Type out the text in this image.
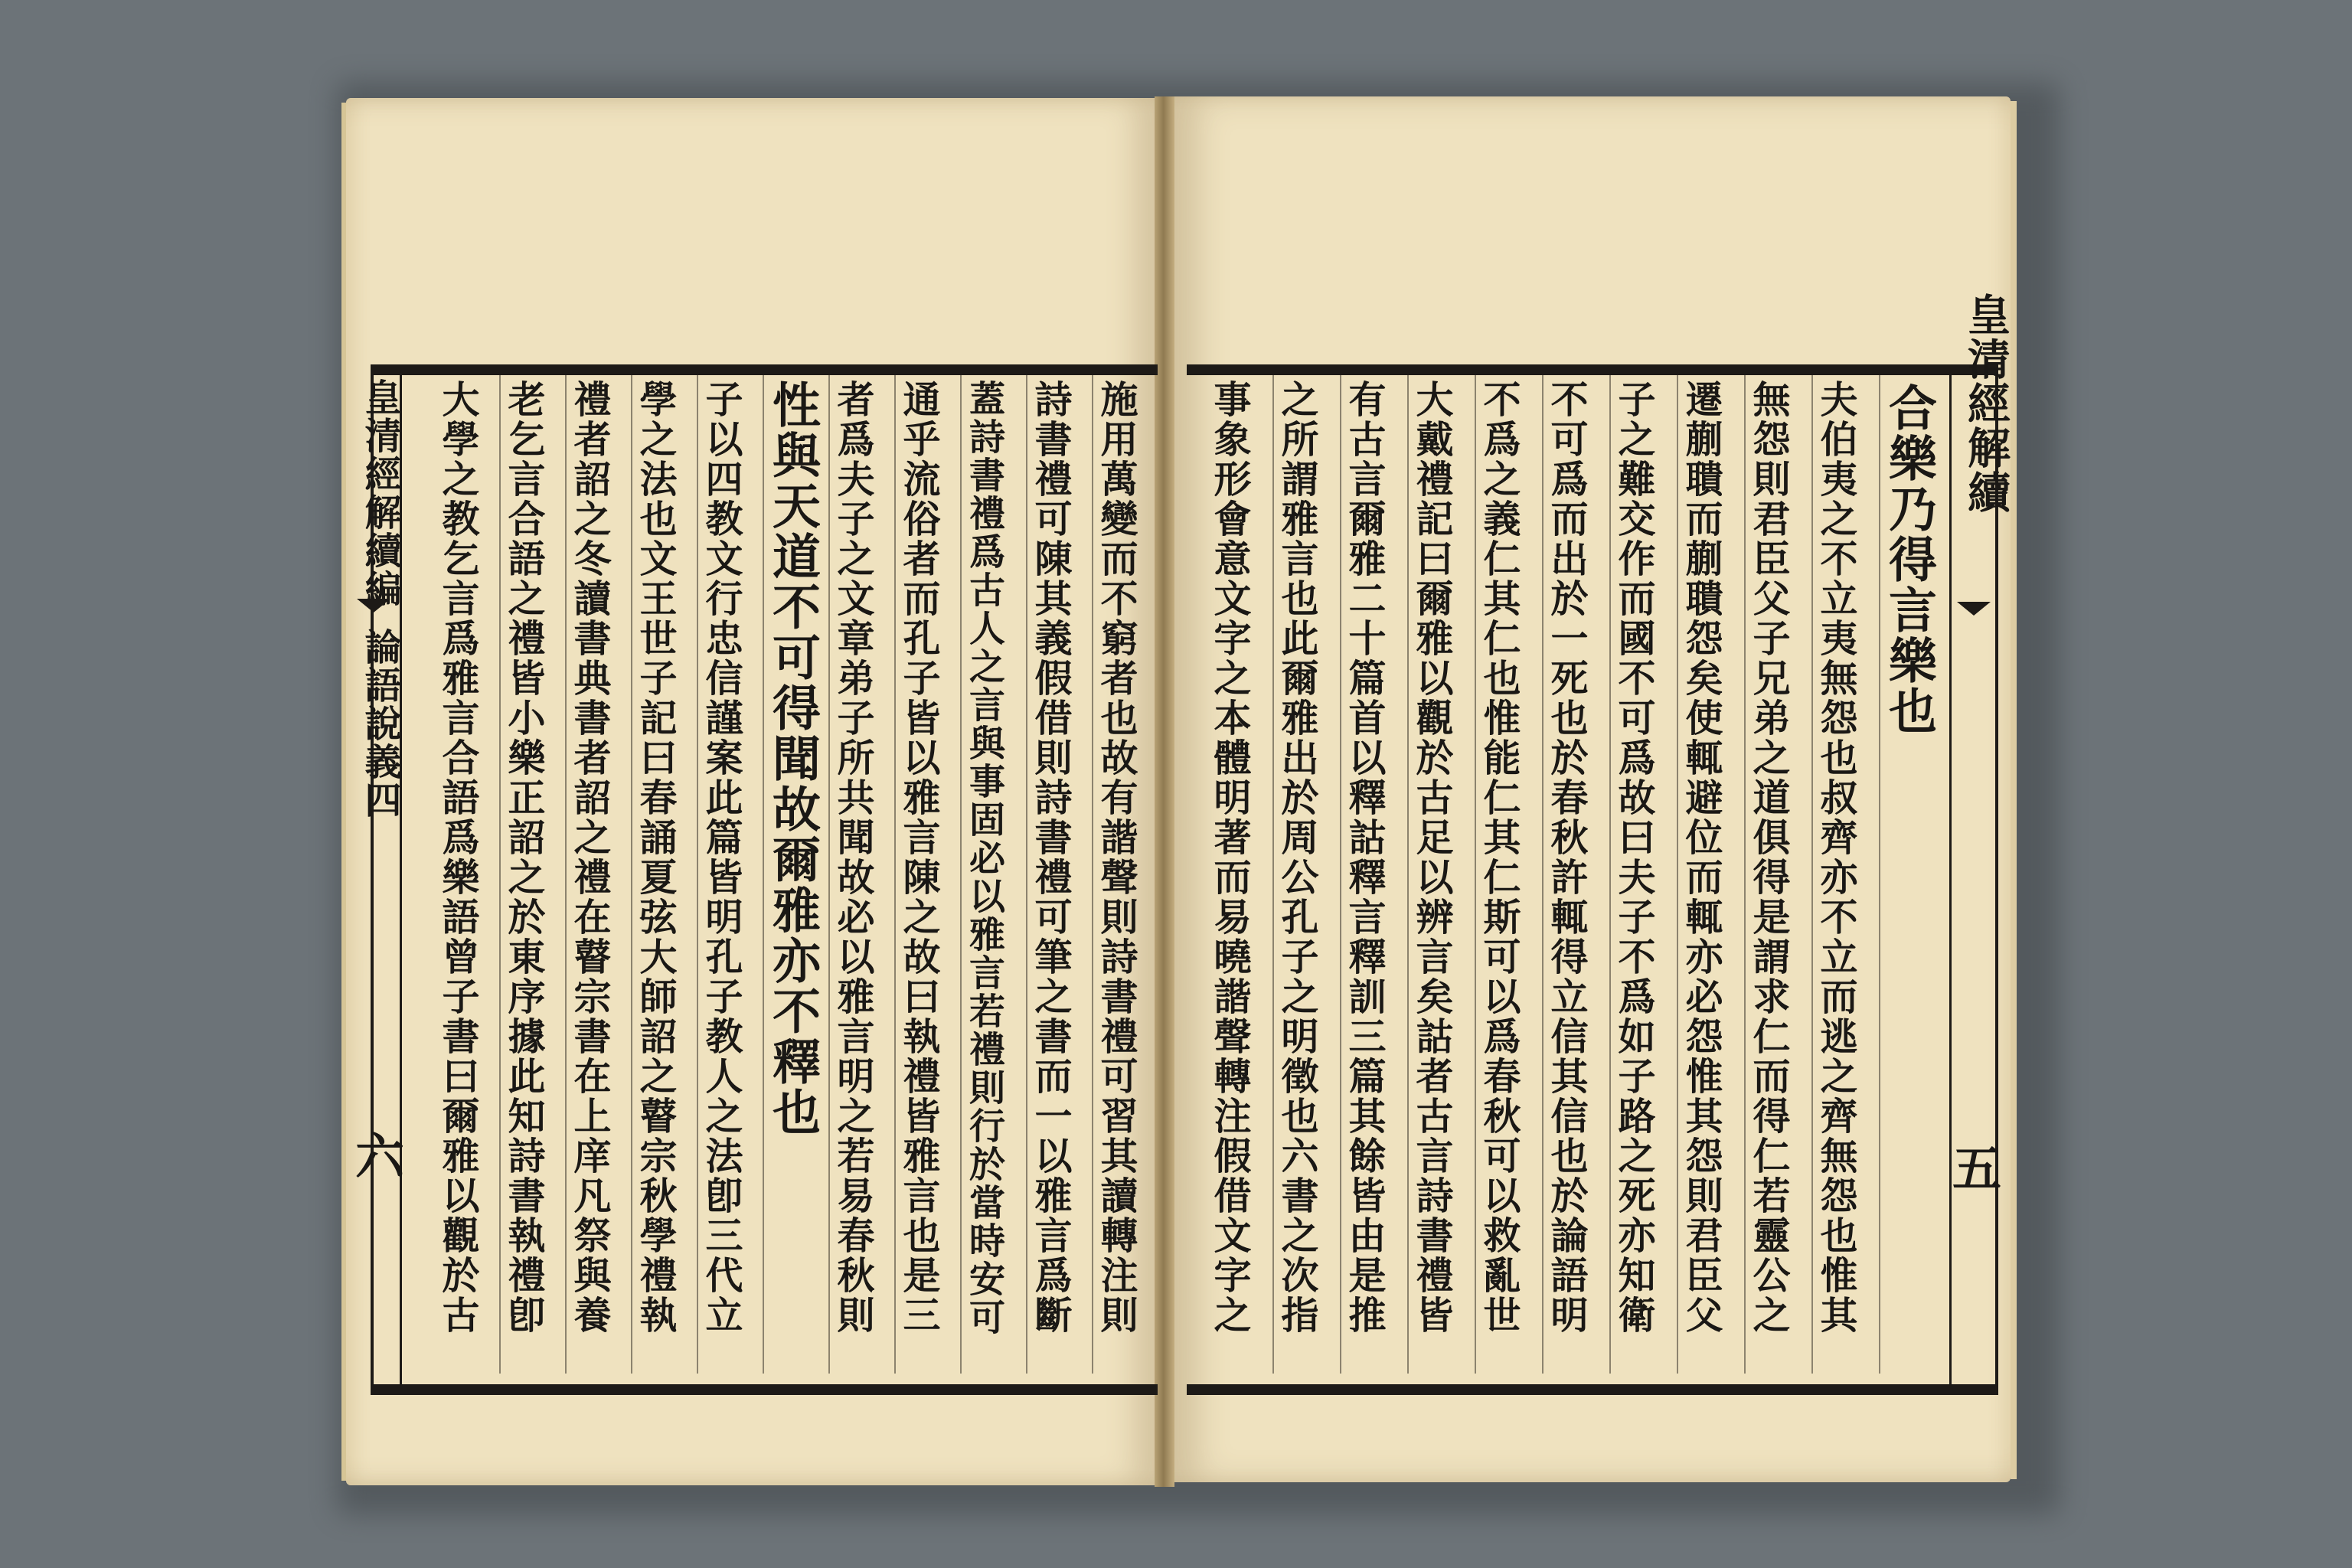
皇清經解續
五
合樂乃得言樂也
夫伯夷之不立夷無怨也叔齊亦不立而逃之齊無怨也惟其
無怨則君臣父子兄弟之道俱得是謂求仁而得仁若靈公之
遷蒯聵而蒯聵怨矣使輒避位而輒亦必怨惟其怨則君臣父
子之難交作而國不可爲故曰夫子不爲如子路之死亦知衛
不可爲而出於一死也於春秋許輒得立信其信也於論語明
不爲之義仁其仁也惟能仁其仁斯可以爲春秋可以救亂世
大戴禮記曰爾雅以觀於古足以辨言矣詁者古言詩書禮皆
有古言爾雅二十篇首以釋詁釋言釋訓三篇其餘皆由是推
之所謂雅言也此爾雅出於周公孔子之明徵也六書之次指
事象形會意文字之本體明著而易曉諧聲轉注假借文字之
皇清經解續編
論語說義四
六	施用萬變而不窮者也故有諧聲則詩書禮可習其讀轉注則
詩書禮可陳其義假借則詩書禮可筆之書而一以雅言爲斷
蓋詩書禮爲古人之言與事固必以雅言若禮則行於當時安可
通乎流俗者而孔子皆以雅言陳之故曰執禮皆雅言也是三
者爲夫子之文章弟子所共聞故必以雅言明之若易春秋則
性與天道不可得聞故爾雅亦不釋也
子以四教文行忠信謹案此篇皆明孔子教人之法卽三代立
學之法也文王世子記曰春誦夏弦大師詔之瞽宗秋學禮執
禮者詔之冬讀書典書者詔之禮在瞽宗書在上庠凡祭與養
老乞言合語之禮皆小樂正詔之於東序據此知詩書執禮卽
大學之教乞言爲雅言合語爲樂語曾子書曰爾雅以觀於古
